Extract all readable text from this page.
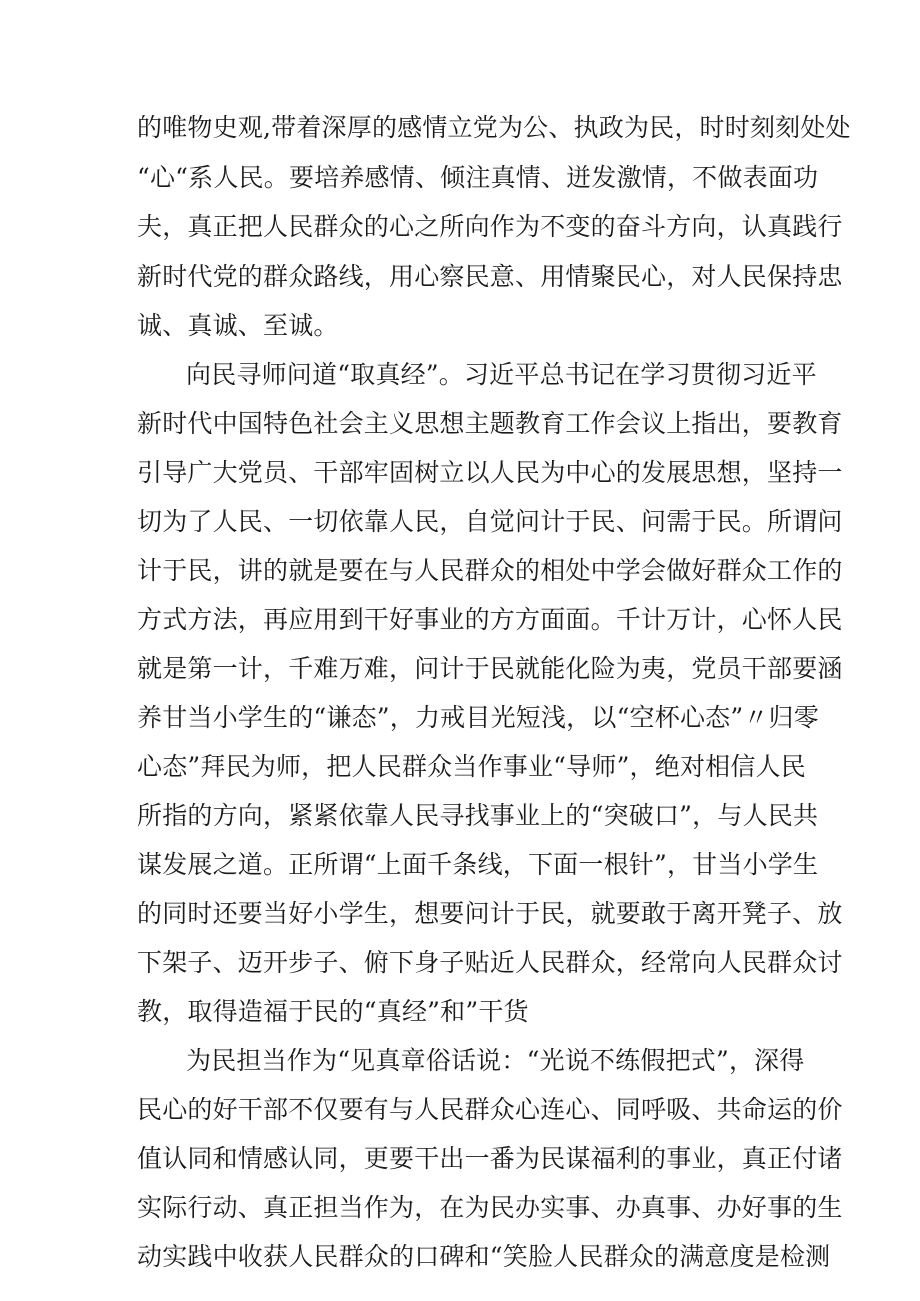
的唯物史观,带着深厚的感情立党为公、执政为民，时时刻刻处处
“心“系人民。要培养感情、倾注真情、迸发激情，不做表面功
夫，真正把人民群众的心之所向作为不变的奋斗方向，认真践行
新时代党的群众路线，用心察民意、用情聚民心，对人民保持忠
诚、真诚、至诚。
向民寻师问道“取真经”。习近平总书记在学习贯彻习近平
新时代中国特色社会主义思想主题教育工作会议上指出，要教育
引导广大党员、干部牢固树立以人民为中心的发展思想，坚持一
切为了人民、一切依靠人民，自觉问计于民、问需于民。所谓问
计于民，讲的就是要在与人民群众的相处中学会做好群众工作的
方式方法，再应用到干好事业的方方面面。千计万计，心怀人民
就是第一计，千难万难，问计于民就能化险为夷，党员干部要涵
养甘当小学生的“谦态”，力戒目光短浅，以“空杯心态”〃归零
心态”拜民为师，把人民群众当作事业“导师”，绝对相信人民
所指的方向，紧紧依靠人民寻找事业上的“突破口”，与人民共
谋发展之道。正所谓“上面千条线，下面一根针”，甘当小学生
的同时还要当好小学生，想要问计于民，就要敢于离开凳子、放
下架子、迈开步子、俯下身子贴近人民群众，经常向人民群众讨
教，取得造福于民的“真经”和”干货
为民担当作为“见真章俗话说：“光说不练假把式”，深得
民心的好干部不仅要有与人民群众心连心、同呼吸、共命运的价
值认同和情感认同，更要干出一番为民谋福利的事业，真正付诸
实际行动、真正担当作为，在为民办实事、办真事、办好事的生
动实践中收获人民群众的口碑和“笑脸人民群众的满意度是检测
